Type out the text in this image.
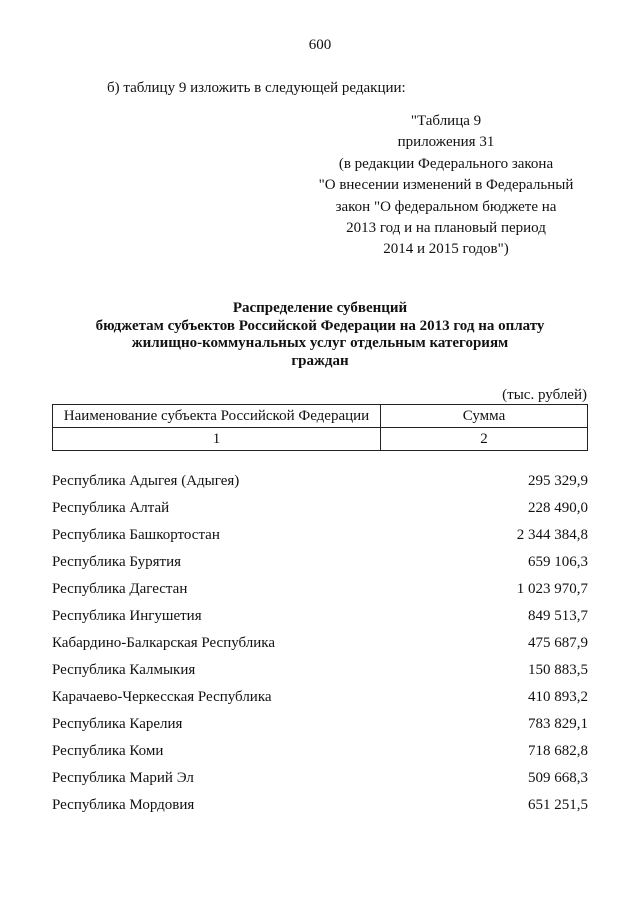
600
б) таблицу 9 изложить в следующей редакции:
"Таблица 9
приложения 31
(в редакции Федерального закона
"О внесении изменений в Федеральный
закон "О федеральном бюджете на
2013 год и на плановый период
2014 и 2015 годов")
Распределение субвенций
бюджетам субъектов Российской Федерации на 2013 год на оплату
жилищно-коммунальных услуг отдельным категориям
граждан
(тыс. рублей)
Наименование субъекта Российской Федерации	Сумма
1	2
Республика Адыгея (Адыгея)	295 329,9
Республика Алтай	228 490,0
Республика Башкортостан	2 344 384,8
Республика Бурятия	659 106,3
Республика Дагестан	1 023 970,7
Республика Ингушетия	849 513,7
Кабардино-Балкарская Республика	475 687,9
Республика Калмыкия	150 883,5
Карачаево-Черкесская Республика	410 893,2
Республика Карелия	783 829,1
Республика Коми	718 682,8
Республика Марий Эл	509 668,3
Республика Мордовия	651 251,5
